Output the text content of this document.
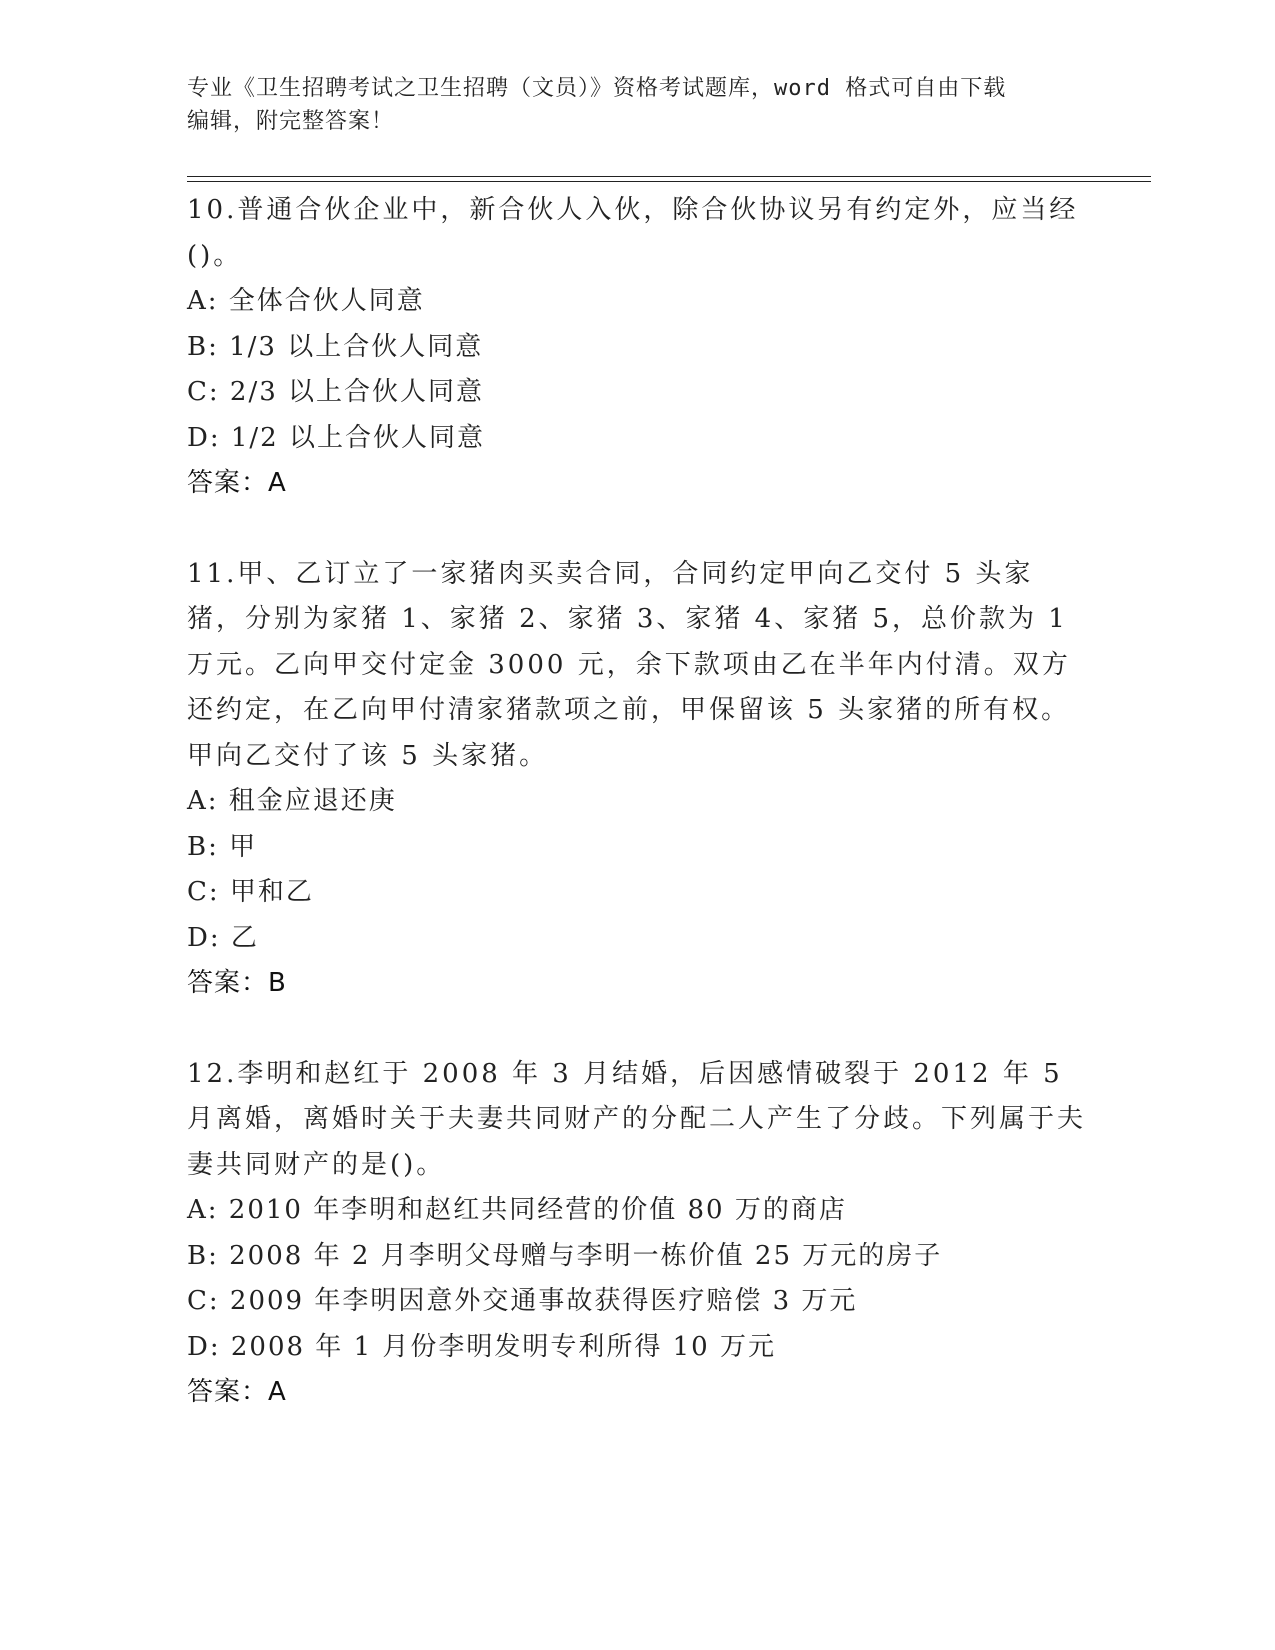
专业《卫生招聘考试之卫生招聘（文员）》资格考试题库，word 格式可自由下载
编辑，附完整答案！

10.普通合伙企业中，新合伙人入伙，除合伙协议另有约定外，应当经()。

A: 全体合伙人同意

B: 1/3 以上合伙人同意

C: 2/3 以上合伙人同意

D: 1/2 以上合伙人同意

答案：A

11.甲、乙订立了一家猪肉买卖合同，合同约定甲向乙交付 5 头家猪，分别为家猪 1、家猪 2、家猪 3、家猪 4、家猪 5，总价款为 1 万元。乙向甲交付定金 3000 元，余下款项由乙在半年内付清。双方还约定，在乙向甲付清家猪款项之前，甲保留该 5 头家猪的所有权。甲向乙交付了该 5 头家猪。

A: 租金应退还庚

B: 甲

C: 甲和乙

D: 乙

答案：B

12.李明和赵红于 2008 年 3 月结婚，后因感情破裂于 2012 年 5 月离婚，离婚时关于夫妻共同财产的分配二人产生了分歧。下列属于夫妻共同财产的是()。

A: 2010 年李明和赵红共同经营的价值 80 万的商店

B: 2008 年 2 月李明父母赠与李明一栋价值 25 万元的房子

C: 2009 年李明因意外交通事故获得医疗赔偿 3 万元

D: 2008 年 1 月份李明发明专利所得 10 万元

答案：A
